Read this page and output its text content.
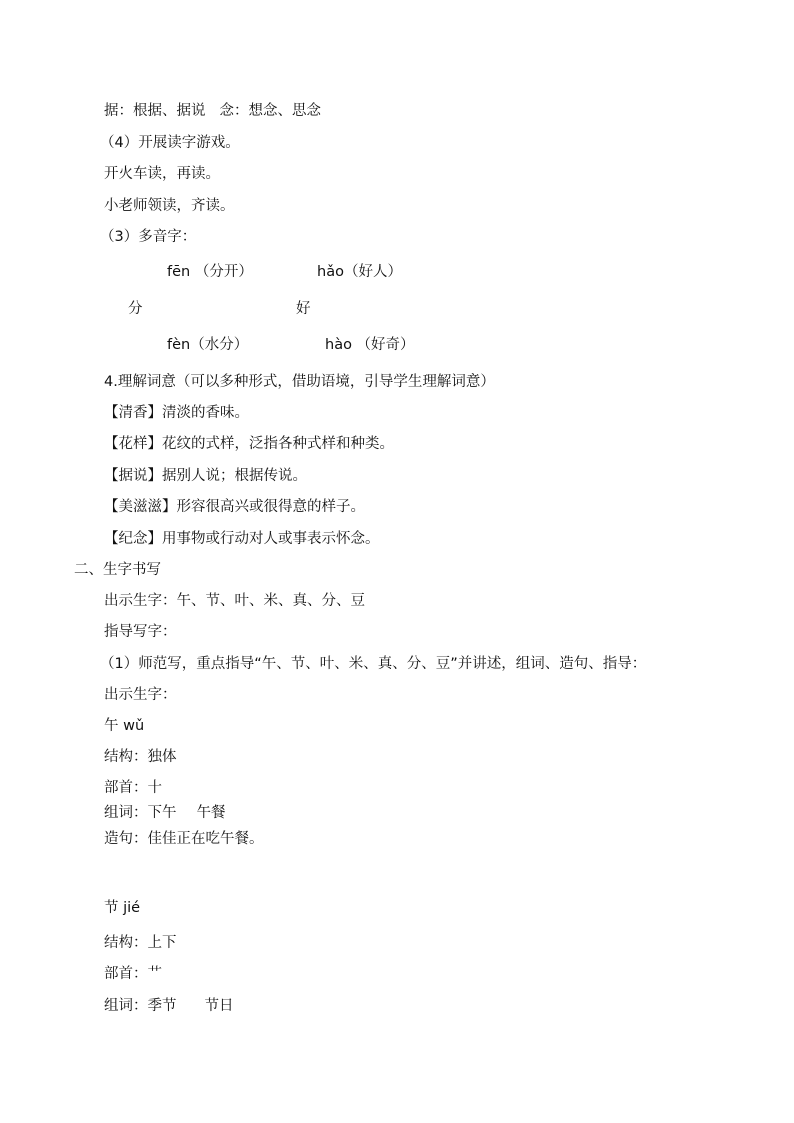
据：根据、据说 念：想念、思念
（4）开展读字游戏。
开火车读，再读。
小老师领读，齐读。
（3）多音字：
fēn （分开）	hǎo（好人）
分	好
fèn（水分）	hào （好奇）
4.理解词意（可以多种形式，借助语境，引导学生理解词意）
【清香】清淡的香味。
【花样】花纹的式样，泛指各种式样和种类。
【据说】据别人说；根据传说。
【美滋滋】形容很高兴或很得意的样子。
【纪念】用事物或行动对人或事表示怀念。
二、生字书写
出示生字：午、节、叶、米、真、分、豆
指导写字：
（1）师范写，重点指导“午、节、叶、米、真、分、豆”并讲述，组词、造句、指导：
出示生字：
午 wǔ
结构：独体
部首：十
组词：下午 午餐
造句：佳佳正在吃午餐。
节 jié
结构：上下
部首：艹
组词：季节 节日
